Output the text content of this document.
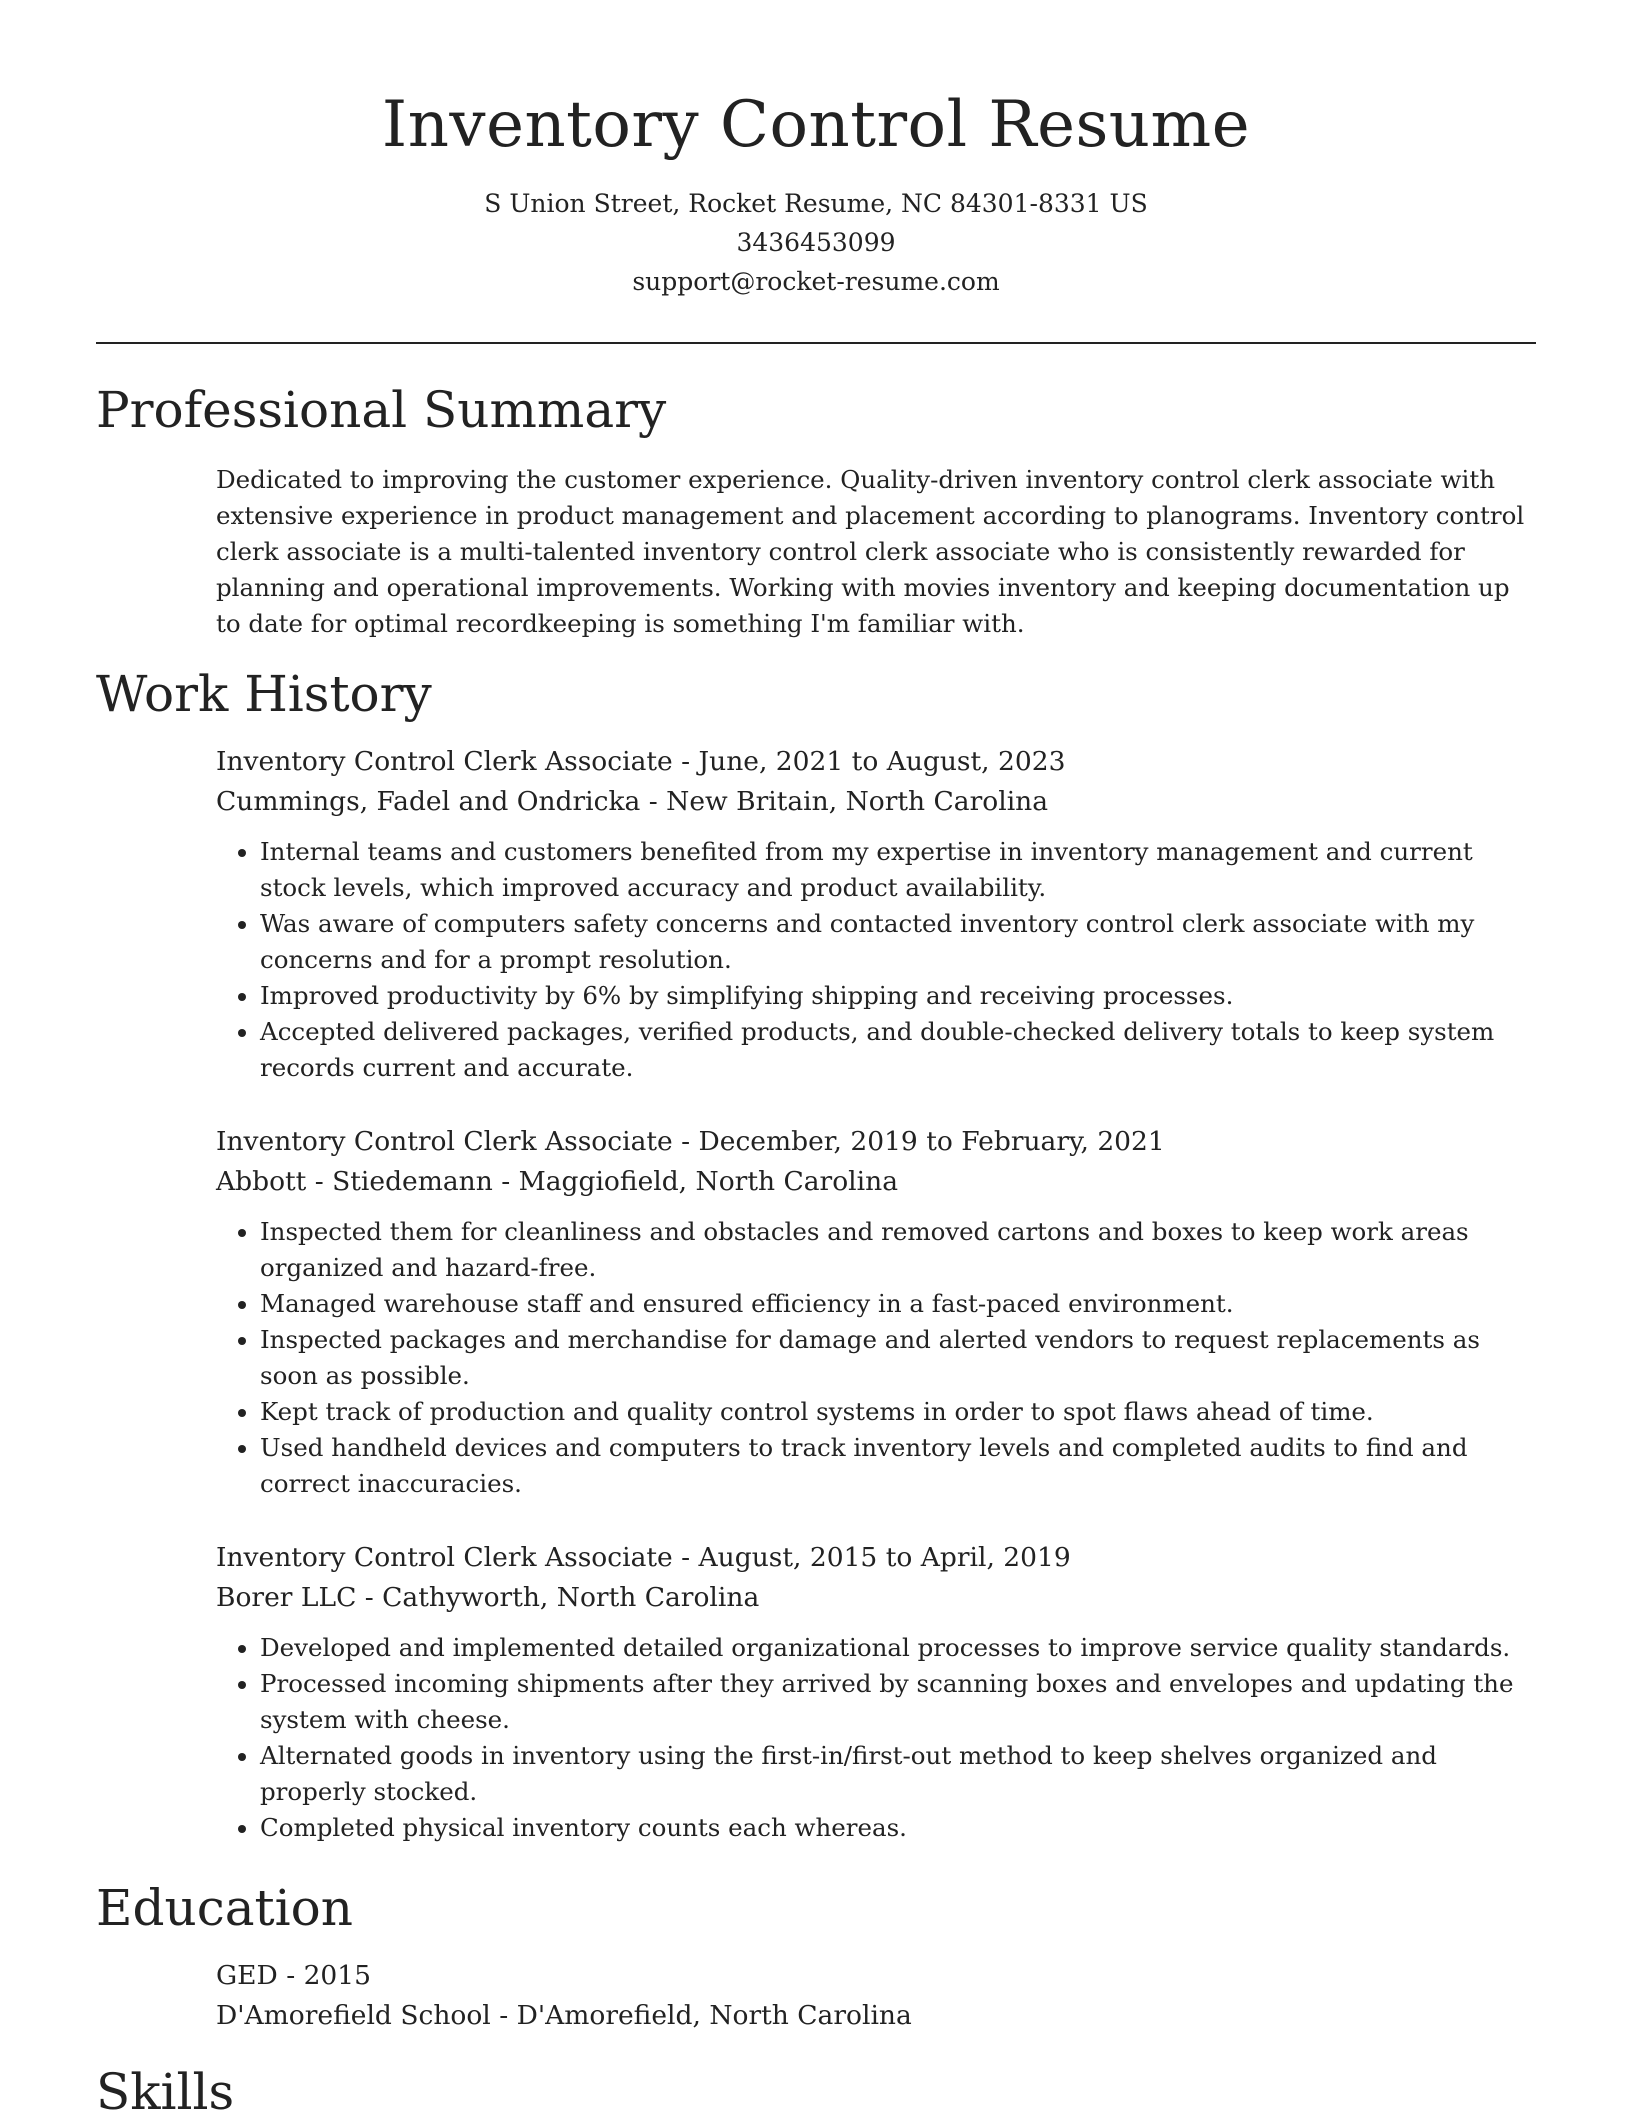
Inventory Control Resume
S Union Street, Rocket Resume, NC 84301-8331 US
3436453099
support@rocket-resume.com
Professional Summary

Dedicated to improving the customer experience. Quality-driven inventory control clerk associate with extensive experience in product management and placement according to planograms. Inventory control clerk associate is a multi-talented inventory control clerk associate who is consistently rewarded for planning and operational improvements. Working with movies inventory and keeping documentation up to date for optimal recordkeeping is something I'm familiar with.

Work History
Inventory Control Clerk Associate - June, 2021 to August, 2023
Cummings, Fadel and Ondricka - New Britain, North Carolina
• Internal teams and customers benefited from my expertise in inventory management and current stock levels, which improved accuracy and product availability.
• Was aware of computers safety concerns and contacted inventory control clerk associate with my concerns and for a prompt resolution.
• Improved productivity by 6% by simplifying shipping and receiving processes.
• Accepted delivered packages, verified products, and double-checked delivery totals to keep system records current and accurate.
Inventory Control Clerk Associate - December, 2019 to February, 2021
Abbott - Stiedemann - Maggiofield, North Carolina
• Inspected them for cleanliness and obstacles and removed cartons and boxes to keep work areas organized and hazard-free.
• Managed warehouse staff and ensured efficiency in a fast-paced environment.
• Inspected packages and merchandise for damage and alerted vendors to request replacements as soon as possible.
• Kept track of production and quality control systems in order to spot flaws ahead of time.
• Used handheld devices and computers to track inventory levels and completed audits to find and correct inaccuracies.
Inventory Control Clerk Associate - August, 2015 to April, 2019
Borer LLC - Cathyworth, North Carolina
• Developed and implemented detailed organizational processes to improve service quality standards.
• Processed incoming shipments after they arrived by scanning boxes and envelopes and updating the system with cheese.
• Alternated goods in inventory using the first-in/first-out method to keep shelves organized and properly stocked.
• Completed physical inventory counts each whereas.
Education
GED - 2015
D'Amorefield School - D'Amorefield, North Carolina
Skills
